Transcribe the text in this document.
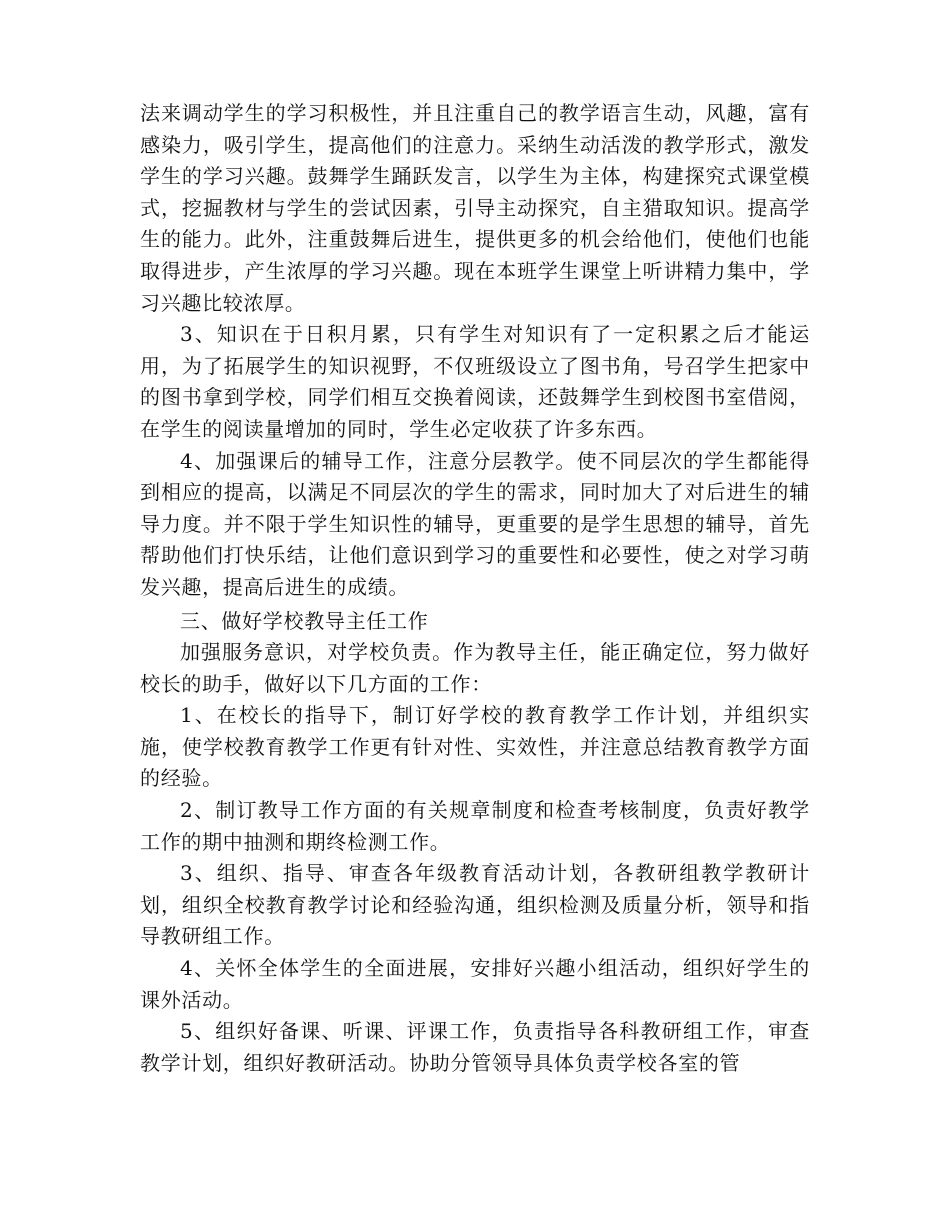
法来调动学生的学习积极性，并且注重自己的教学语言生动，风趣，富有感染力，吸引学生，提高他们的注意力。采纳生动活泼的教学形式，激发学生的学习兴趣。鼓舞学生踊跃发言，以学生为主体，构建探究式课堂模式，挖掘教材与学生的尝试因素，引导主动探究，自主猎取知识。提高学生的能力。此外，注重鼓舞后进生，提供更多的机会给他们，使他们也能取得进步，产生浓厚的学习兴趣。现在本班学生课堂上听讲精力集中，学习兴趣比较浓厚。

3、知识在于日积月累，只有学生对知识有了一定积累之后才能运用，为了拓展学生的知识视野，不仅班级设立了图书角，号召学生把家中的图书拿到学校，同学们相互交换着阅读，还鼓舞学生到校图书室借阅，在学生的阅读量增加的同时，学生必定收获了许多东西。

4、加强课后的辅导工作，注意分层教学。使不同层次的学生都能得到相应的提高，以满足不同层次的学生的需求，同时加大了对后进生的辅导力度。并不限于学生知识性的辅导，更重要的是学生思想的辅导，首先帮助他们打快乐结，让他们意识到学习的重要性和必要性，使之对学习萌发兴趣，提高后进生的成绩。

三、做好学校教导主任工作

加强服务意识，对学校负责。作为教导主任，能正确定位，努力做好校长的助手，做好以下几方面的工作：

1、在校长的指导下，制订好学校的教育教学工作计划，并组织实施，使学校教育教学工作更有针对性、实效性，并注意总结教育教学方面的经验。

2、制订教导工作方面的有关规章制度和检查考核制度，负责好教学工作的期中抽测和期终检测工作。

3、组织、指导、审查各年级教育活动计划，各教研组教学教研计划，组织全校教育教学讨论和经验沟通，组织检测及质量分析，领导和指导教研组工作。

4、关怀全体学生的全面进展，安排好兴趣小组活动，组织好学生的课外活动。

5、组织好备课、听课、评课工作，负责指导各科教研组工作，审查教学计划，组织好教研活动。协助分管领导具体负责学校各室的管
